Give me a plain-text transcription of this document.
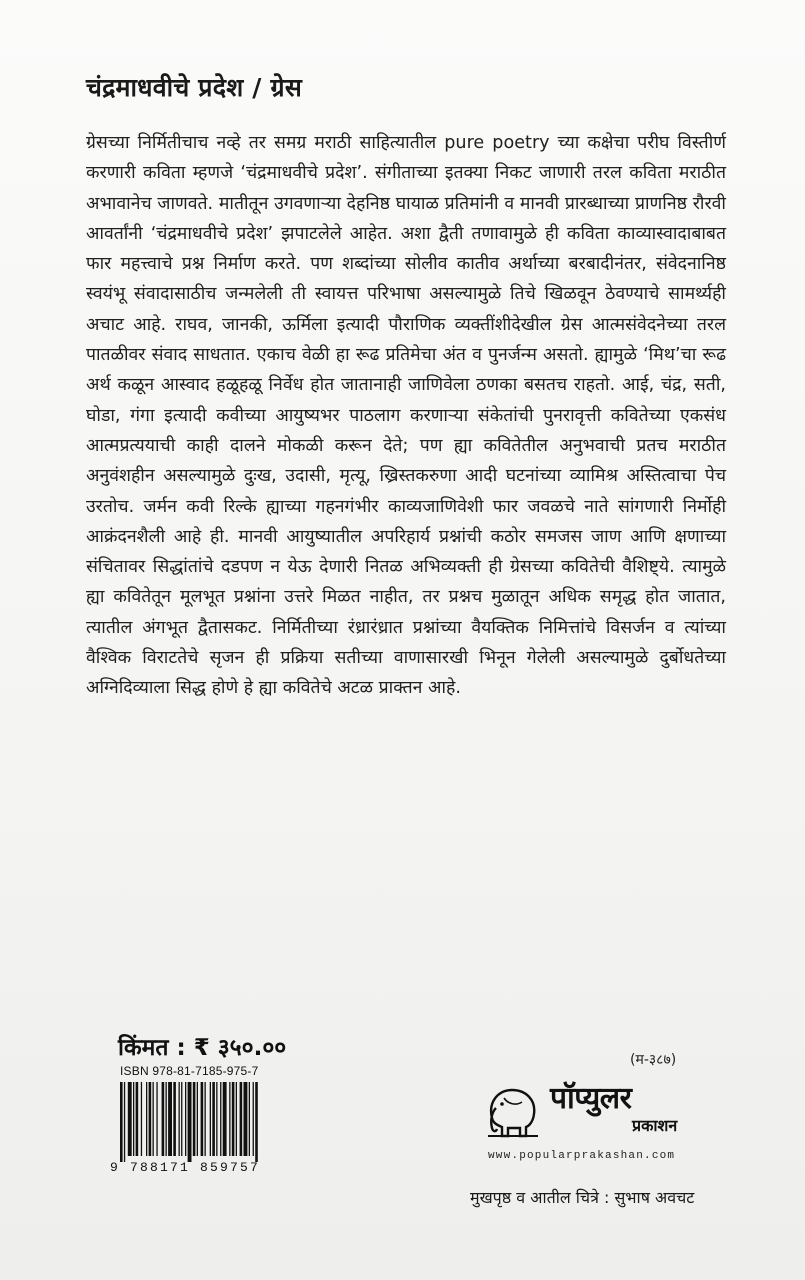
चंद्रमाधवीचे प्रदेश / ग्रेस
ग्रेसच्या निर्मितीचाच नव्हे तर समग्र मराठी साहित्यातील pure poetry च्या कक्षेचा परीघ विस्तीर्ण करणारी कविता म्हणजे ‘चंद्रमाधवीचे प्रदेश’. संगीताच्या इतक्या निकट जाणारी तरल कविता मराठीत अभावानेच जाणवते. मातीतून उगवणाऱ्या देहनिष्ठ घायाळ प्रतिमांनी व मानवी प्रारब्धाच्या प्राणनिष्ठ रौरवी आवर्तांनी ‘चंद्रमाधवीचे प्रदेश’ झपाटलेले आहेत. अशा द्वैती तणावामुळे ही कविता काव्यास्वादाबाबत फार महत्त्वाचे प्रश्न निर्माण करते. पण शब्दांच्या सोलीव कातीव अर्थाच्या बरबादीनंतर, संवेदनानिष्ठ स्वयंभू संवादासाठीच जन्मलेली ती स्वायत्त परिभाषा असल्यामुळे तिचे खिळवून ठेवण्याचे सामर्थ्यही अचाट आहे. राघव, जानकी, ऊर्मिला इत्यादी पौराणिक व्यक्तींशीदेखील ग्रेस आत्मसंवेदनेच्या तरल पातळीवर संवाद साधतात. एकाच वेळी हा रूढ प्रतिमेचा अंत व पुनर्जन्म असतो. ह्यामुळे ‘मिथ’चा रूढ अर्थ कळून आस्वाद हळूहळू निर्वेध होत जातानाही जाणिवेला ठणका बसतच राहतो. आई, चंद्र, सती, घोडा, गंगा इत्यादी कवीच्या आयुष्यभर पाठलाग करणाऱ्या संकेतांची पुनरावृत्ती कवितेच्या एकसंध आत्मप्रत्ययाची काही दालने मोकळी करून देते; पण ह्या कवितेतील अनुभवाची प्रतच मराठीत अनुवंशहीन असल्यामुळे दुःख, उदासी, मृत्यू, ख्रिस्तकरुणा आदी घटनांच्या व्यामिश्र अस्तित्वाचा पेच उरतोच. जर्मन कवी रिल्के ह्याच्या गहनगंभीर काव्यजाणिवेशी फार जवळचे नाते सांगणारी निर्मोही आक्रंदनशैली आहे ही. मानवी आयुष्यातील अपरिहार्य प्रश्नांची कठोर समजस जाण आणि क्षणाच्या संचितावर सिद्धांतांचे दडपण न येऊ देणारी नितळ अभिव्यक्ती ही ग्रेसच्या कवितेची वैशिष्ट्ये. त्यामुळे ह्या कवितेतून मूलभूत प्रश्नांना उत्तरे मिळत नाहीत, तर प्रश्नच मुळातून अधिक समृद्ध होत जातात, त्यातील अंगभूत द्वैतासकट. निर्मितीच्या रंध्रारंध्रात प्रश्नांच्या वैयक्तिक निमित्तांचे विसर्जन व त्यांच्या वैश्विक विराटतेचे सृजन ही प्रक्रिया सतीच्या वाणासारखी भिनून गेलेली असल्यामुळे दुर्बोधतेच्या अग्निदिव्याला सिद्ध होणे हे ह्या कवितेचे अटळ प्राक्तन आहे.
किंमत : ₹ ३५०.००
ISBN 978-81-7185-975-7
9 788171 859757
(म-३८७)
पॉप्युलर
प्रकाशन
www.popularprakashan.com
मुखपृष्ठ व आतील चित्रे : सुभाष अवचट
